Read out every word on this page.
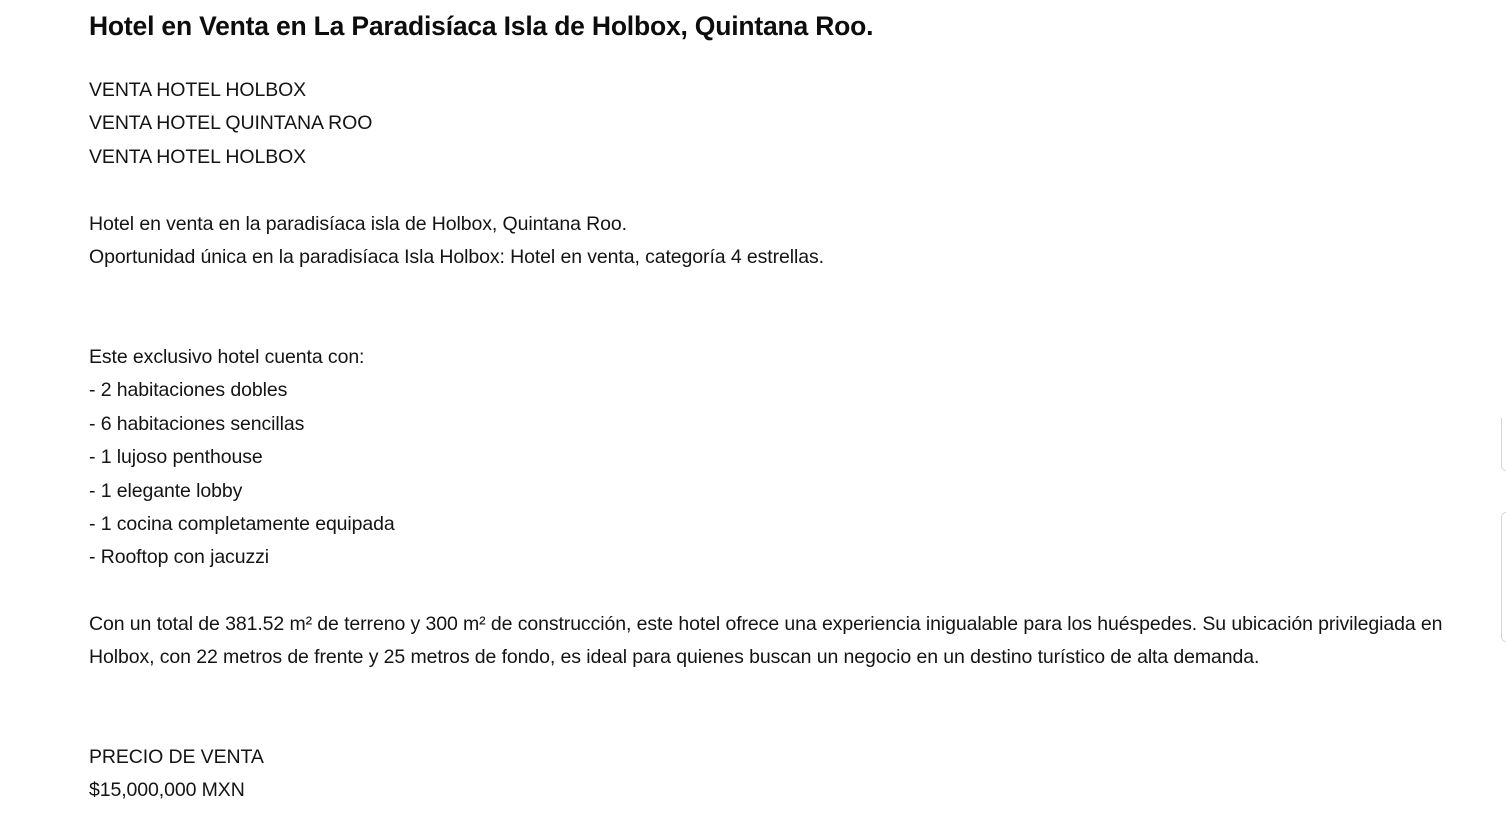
Hotel en Venta en La Paradisíaca Isla de Holbox, Quintana Roo.
VENTA HOTEL HOLBOX
VENTA HOTEL QUINTANA ROO
VENTA HOTEL HOLBOX
Hotel en venta en la paradisíaca isla de Holbox, Quintana Roo.
Oportunidad única en la paradisíaca Isla Holbox: Hotel en venta, categoría 4 estrellas.
Este exclusivo hotel cuenta con:
- 2 habitaciones dobles
- 6 habitaciones sencillas
- 1 lujoso penthouse
- 1 elegante lobby
- 1 cocina completamente equipada
- Rooftop con jacuzzi

Con un total de 381.52 m² de terreno y 300 m² de construcción, este hotel ofrece una experiencia inigualable para los huéspedes. Su ubicación privilegiada en Holbox, con 22 metros de frente y 25 metros de fondo, es ideal para quienes buscan un negocio en un destino turístico de alta demanda.

PRECIO DE VENTA
$15,000,000 MXN
